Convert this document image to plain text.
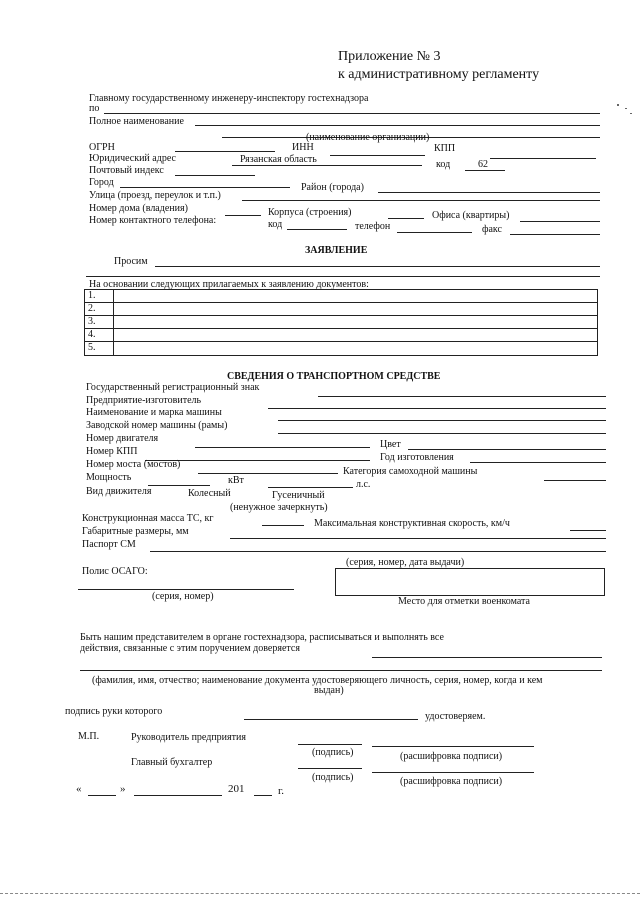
Приложение № 3
к административному регламенту
Главному государственному инженеру-инспектору гостехнадзора
по
Полное наименование
(наименование организации)
ОГРН	ИНН	КПП
Юридический адрес	Рязанская область	код	62
Почтовый индекс
Город	Район (города)
Улица (проезд, переулок и т.п.)
Номер дома (владения)	Корпуса (строения)	Офиса (квартиры)
Номер контактного телефона:	код	телефон	факс
ЗАЯВЛЕНИЕ
Просим
На основании следующих прилагаемых к заявлению документов:
1.
2.
3.
4.
5.
СВЕДЕНИЯ О ТРАНСПОРТНОМ СРЕДСТВЕ
Государственный регистрационный знак
Предприятие-изготовитель
Наименование и марка машины
Заводской номер машины (рамы)
Номер двигателя
Цвет
Номер КПП
Год изготовления
Номер моста (мостов)
Категория самоходной машины
Мощность	кВт	л.с.
Вид движителя	Колесный	Гусеничный
(ненужное зачеркнуть)
Конструкционная масса ТС, кг	Максимальная конструктивная скорость, км/ч
Габаритные размеры, мм
Паспорт СМ
(серия, номер, дата выдачи)
Полис ОСАГО:
(серия, номер)	Место для отметки военкомата
Быть нашим представителем в органе гостехнадзора, расписываться и выполнять все
действия, связанные с этим поручением доверяется
(фамилия, имя, отчество; наименование документа удостоверяющего личность, серия, номер, когда и кем
выдан)
подпись руки которого	удостоверяем.
М.П.	Руководитель предприятия
(подпись)	(расшифровка подписи)
Главный бухгалтер
(подпись)	(расшифровка подписи)
«	»	201	г.
